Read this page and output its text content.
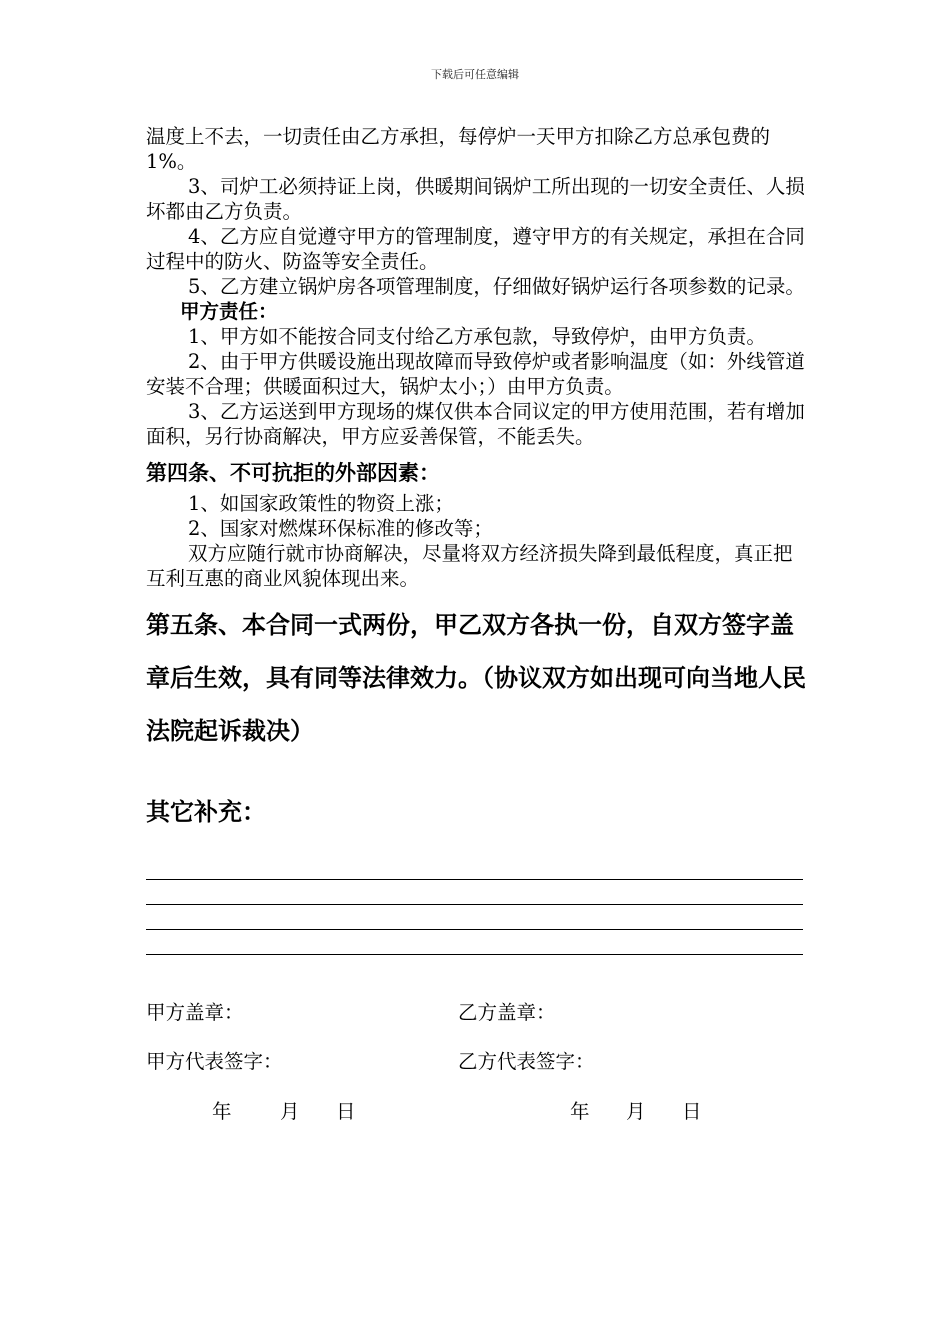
下载后可任意编辑

温度上不去，一切责任由乙方承担，每停炉一天甲方扣除乙方总承包费的1%。

3、司炉工必须持证上岗，供暖期间锅炉工所出现的一切安全责任、人损坏都由乙方负责。

4、乙方应自觉遵守甲方的管理制度，遵守甲方的有关规定，承担在合同过程中的防火、防盗等安全责任。

5、乙方建立锅炉房各项管理制度，仔细做好锅炉运行各项参数的记录。

甲方责任：

1、甲方如不能按合同支付给乙方承包款，导致停炉，由甲方负责。

2、由于甲方供暖设施出现故障而导致停炉或者影响温度（如：外线管道安装不合理；供暖面积过大，锅炉太小；）由甲方负责。

3、乙方运送到甲方现场的煤仅供本合同议定的甲方使用范围，若有增加面积，另行协商解决，甲方应妥善保管，不能丢失。

第四条、不可抗拒的外部因素：

1、如国家政策性的物资上涨；

2、国家对燃煤环保标准的修改等；

双方应随行就市协商解决，尽量将双方经济损失降到最低程度，真正把互利互惠的商业风貌体现出来。

第五条、本合同一式两份，甲乙双方各执一份，自双方签字盖章后生效，具有同等法律效力。（协议双方如出现可向当地人民法院起诉裁决）

其它补充：

甲方盖章：	乙方盖章：
甲方代表签字：	乙方代表签字：
年 月 日	年 月 日
